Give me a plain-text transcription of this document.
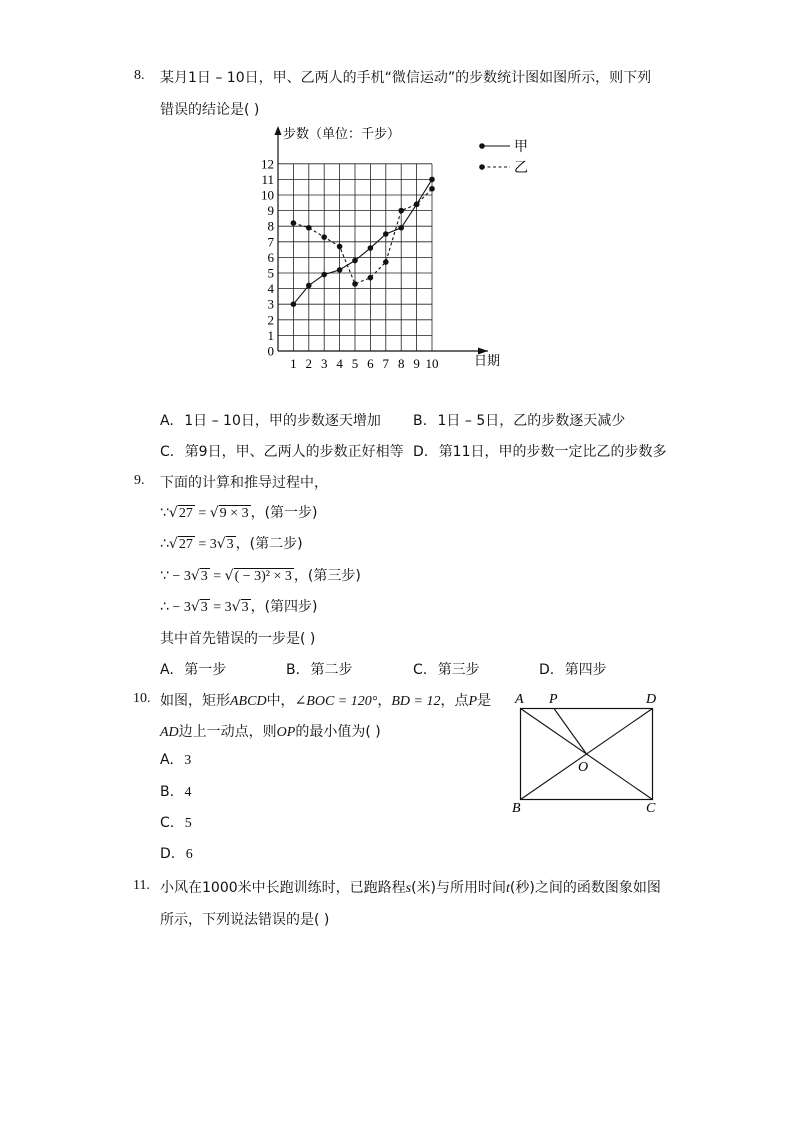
8. 某月1日 – 10日，甲、乙两人的手机“微信运动”的步数统计图如图所示，则下列
错误的结论是( )
0
1
2
3
4
5
6
7
8
9
10
11
12
1 2 3 4 5 6 7 8 9 10
步数（单位：千步）
日期
甲
乙
A. 1日 – 10日，甲的步数逐天增加 B. 1日 – 5日，乙的步数逐天减少
C. 第9日，甲、乙两人的步数正好相等 D. 第11日，甲的步数一定比乙的步数多
9. 下面的计算和推导过程中，
∵√27 = √9 × 3 ，(第一步)
∴√27 = 3√3 ，(第二步)
∵ − 3√3 = √( − 3)² × 3 ，(第三步)
∴ − 3√3 = 3√3 ，(第四步)
其中首先错误的一步是( )
A. 第一步	B. 第二步	C. 第三步	D. 第四步
10. 如图，矩形ABCD中，∠BOC = 120°，BD = 12，点P是
AD边上一动点，则OP的最小值为( )
A. 3
B. 4
C. 5
D. 6
A P	D
O
B	C
11. 小风在1000米中长跑训练时，已跑路程s(米)与所用时间t(秒)之间的函数图象如图
所示，下列说法错误的是( )
